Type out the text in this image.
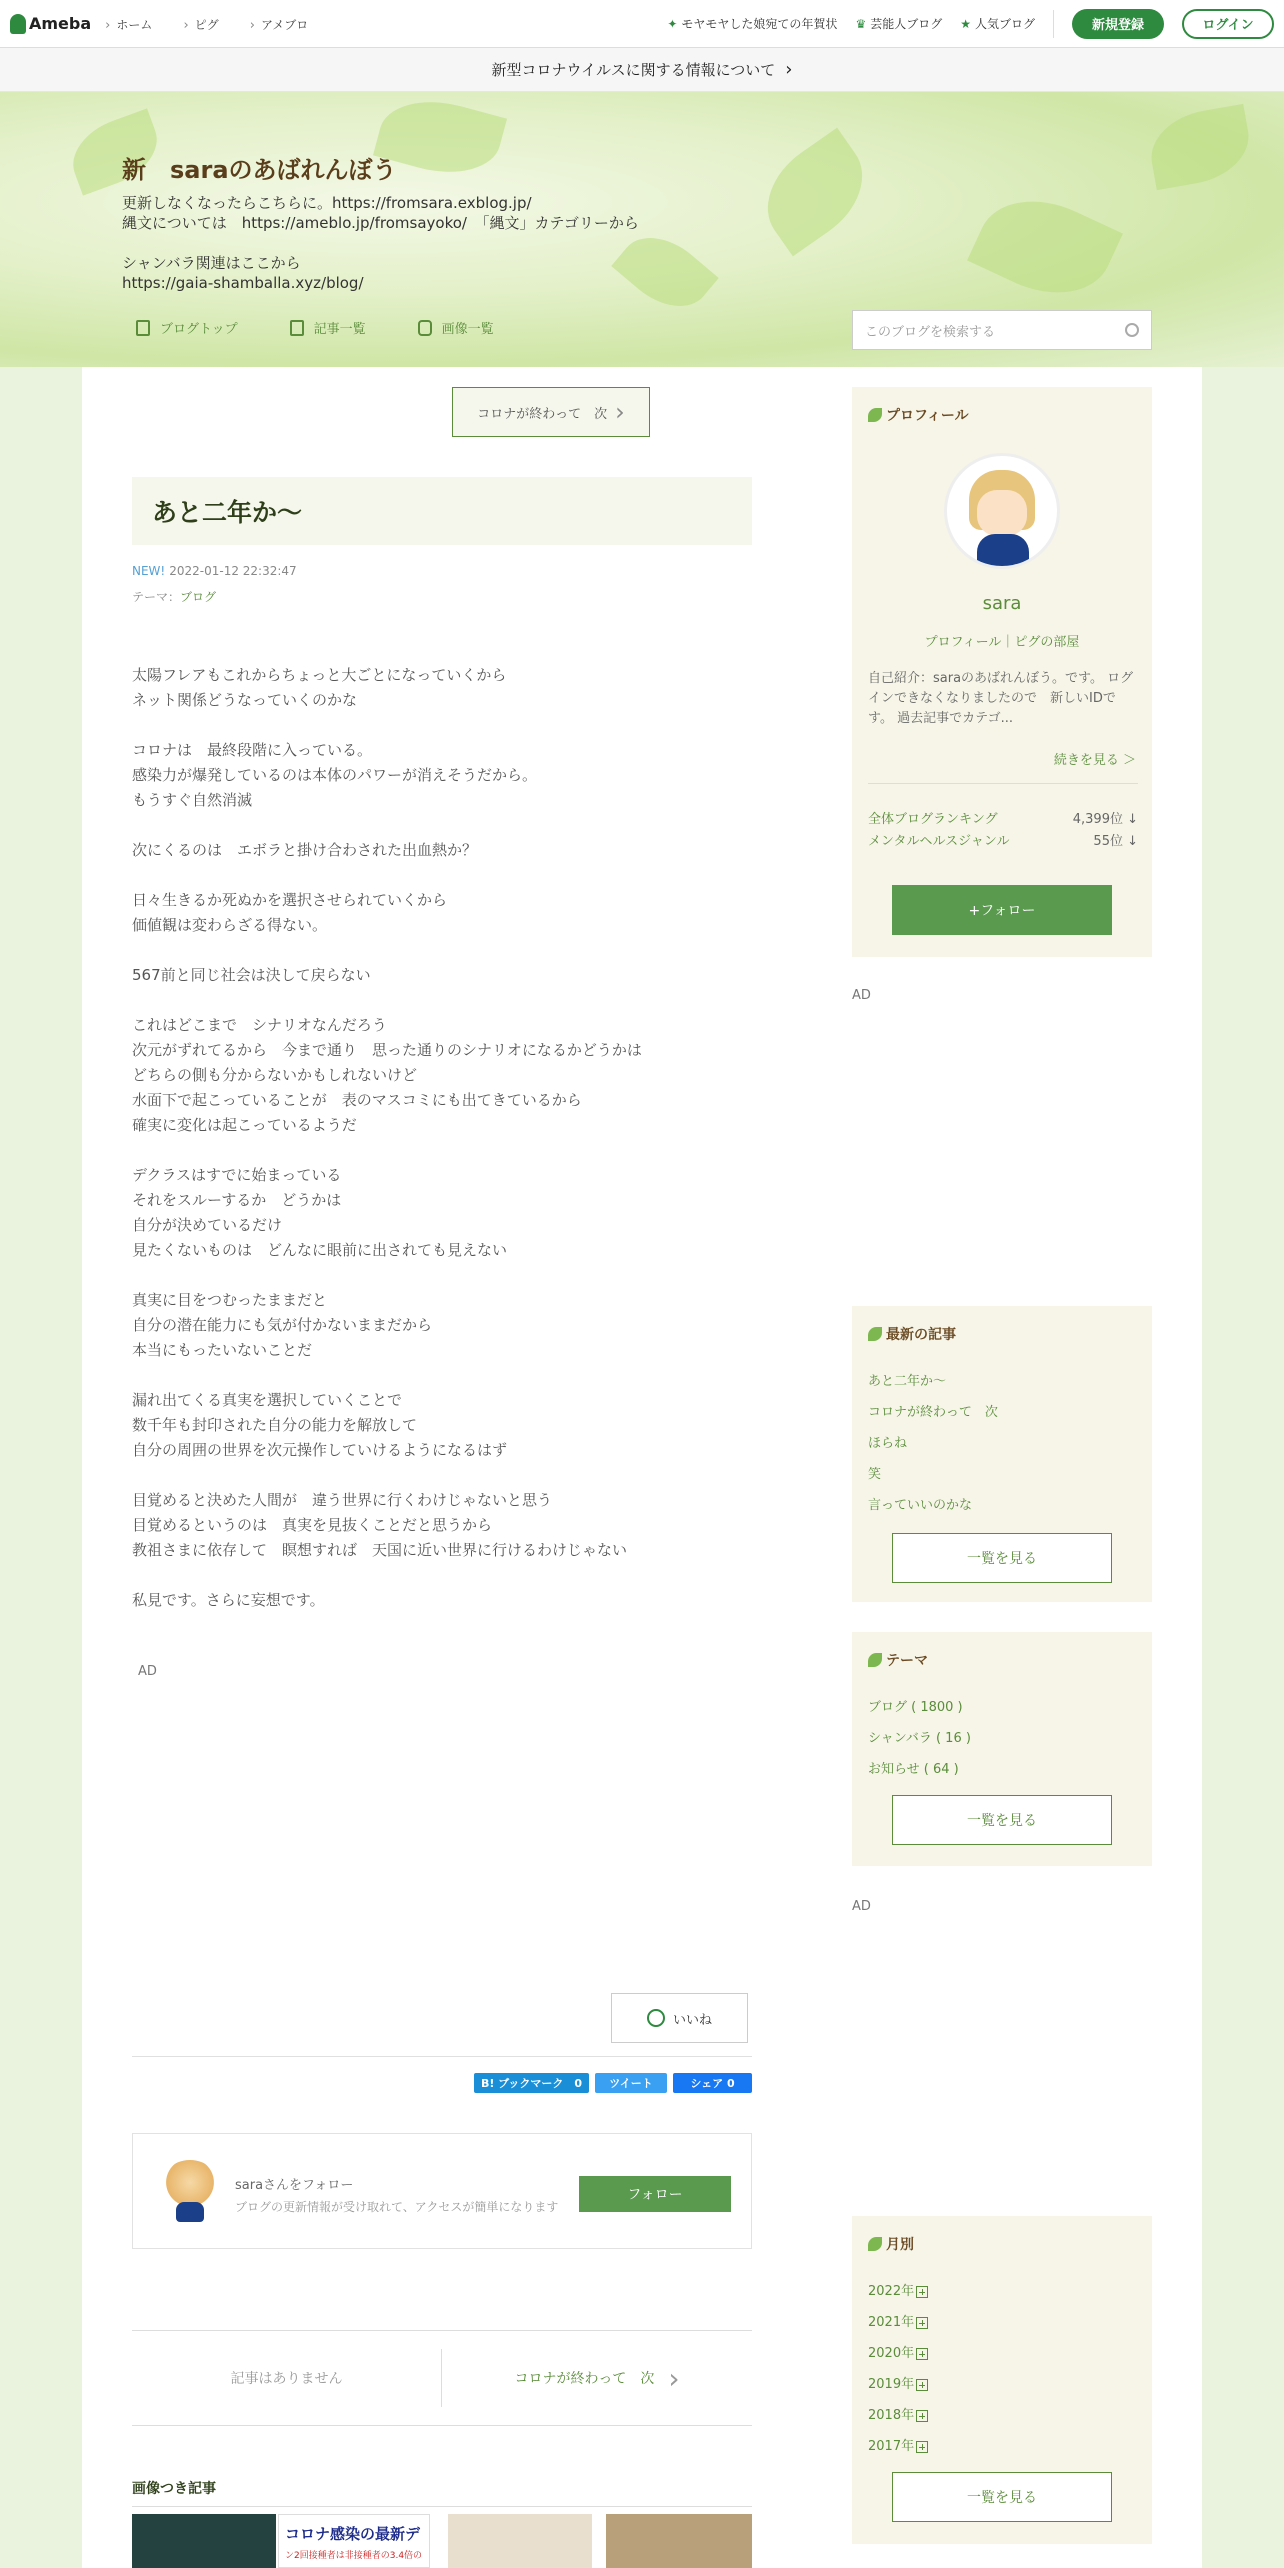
Ameba	› ホーム	› ピグ	› アメブロ	✦ モヤモヤした娘宛ての年賀状 ♛ 芸能人ブログ ★ 人気ブログ	新規登録	ログイン
新型コロナウイルスに関する情報について ›
新　saraのあばれんぼう
更新しなくなったらこちらに。https://fromsara.exblog.jp/
縄文については　https://ameblo.jp/fromsayoko/　「縄文」カテゴリーから

シャンバラ関連はここから
https://gaia-shamballa.xyz/blog/
ブログトップ	記事一覧	画像一覧	このブログを検索する
コロナが終わって　次 ›
あと二年か～
NEW! 2022-01-12 22:32:47
テーマ：ブログ
太陽フレアもこれからちょっと大ごとになっていくから
ネット関係どうなっていくのかな

コロナは　最終段階に入っている。
感染力が爆発しているのは本体のパワーが消えそうだから。
もうすぐ自然消滅

次にくるのは　エボラと掛け合わされた出血熱か？

日々生きるか死ぬかを選択させられていくから
価値観は変わらざる得ない。

567前と同じ社会は決して戻らない

これはどこまで　シナリオなんだろう
次元がずれてるから　今まで通り　思った通りのシナリオになるかどうかは
どちらの側も分からないかもしれないけど
水面下で起こっていることが　表のマスコミにも出てきているから
確実に変化は起こっているようだ

デクラスはすでに始まっている
それをスルーするか　どうかは
自分が決めているだけ
見たくないものは　どんなに眼前に出されても見えない

真実に目をつむったままだと
自分の潜在能力にも気が付かないままだから
本当にもったいないことだ

漏れ出てくる真実を選択していくことで
数千年も封印された自分の能力を解放して
自分の周囲の世界を次元操作していけるようになるはず

目覚めると決めた人間が　違う世界に行くわけじゃないと思う
目覚めるというのは　真実を見抜くことだと思うから
教祖さまに依存して　瞑想すれば　天国に近い世界に行けるわけじゃない

私見です。さらに妄想です。
AD
いいね
B! ブックマーク　0	ツイート	シェア 0
saraさんをフォロー
ブログの更新情報が受け取れて、アクセスが簡単になります
フォロー
記事はありません	コロナが終わって　次 ›
画像つき記事
コロナ感染の最新デ
ン2回接種者は非接種者の3.4倍の
プロフィール
sara
プロフィール｜ピグの部屋
自己紹介：saraのあばれんぼう。です。 ログインできなくなりましたので　新しいIDです。 過去記事でカテゴ...
続きを見る ＞
全体ブログランキング	4,399位 ↓
メンタルヘルスジャンル	55位 ↓
+フォロー
AD
最新の記事
あと二年か～
コロナが終わって　次
ほらね
笑
言っていいのかな
一覧を見る
テーマ
ブログ ( 1800 )
シャンバラ ( 16 )
お知らせ ( 64 )
一覧を見る
AD
月別
2022年
2021年
2020年
2019年
2018年
2017年
一覧を見る
